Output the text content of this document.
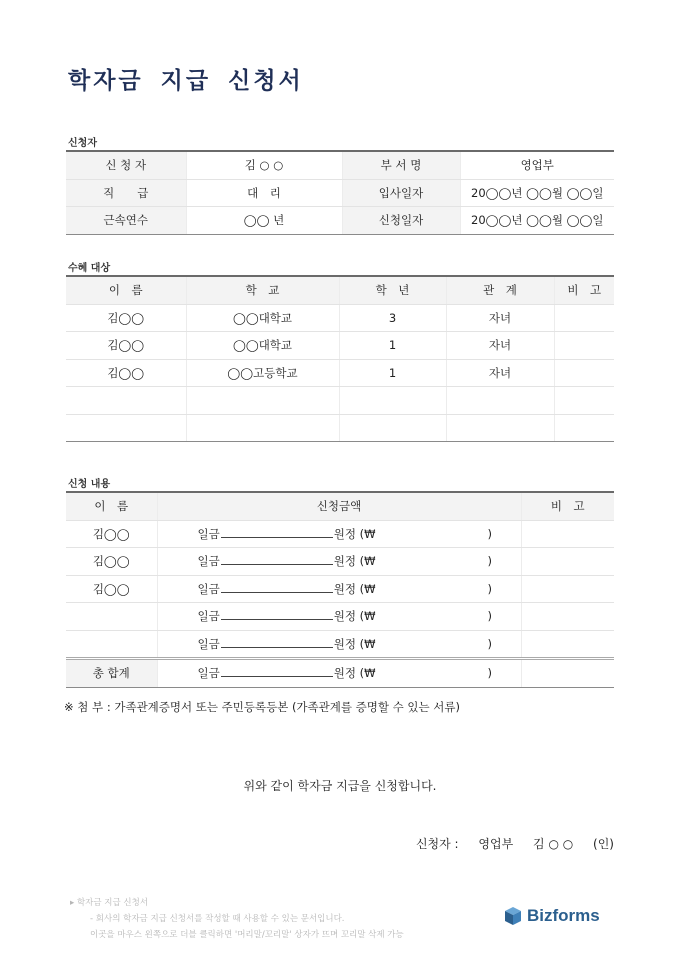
학자금 지급 신청서
신청자
신 청 자	김 ○ ○	부 서 명	영업부
직　　급	대　리	입사일자	20◯◯년 ◯◯월 ◯◯일
근속연수	◯◯ 년	신청일자	20◯◯년 ◯◯월 ◯◯일
수혜 대상
이　름	학　교	학　년	관　계	비　고
김◯◯	◯◯대학교	3	자녀	
김◯◯	◯◯대학교	1	자녀	
김◯◯	◯◯고등학교	1	자녀	

신청 내용
이　름	신청금액	비　고
김◯◯	일금 원정 (₩ )	
김◯◯	일금 원정 (₩ )	
김◯◯	일금 원정 (₩ )	
	일금 원정 (₩ )	
	일금 원정 (₩ )	
총 합계	일금 원정 (₩ )	
※ 첨 부 : 가족관계증명서 또는 주민등록등본 (가족관계를 증명할 수 있는 서류)
위와 같이 학자금 지급을 신청합니다.
신청자 : 영업부 김 ○ ○ (인)
▸ 학자금 지급 신청서
- 회사의 학자금 지급 신청서를 작성할 때 사용할 수 있는 문서입니다.
이곳을 마우스 왼쪽으로 더블 클릭하면 '머리말/꼬리말' 상자가 뜨며 꼬리말 삭제 가능
Bizforms
